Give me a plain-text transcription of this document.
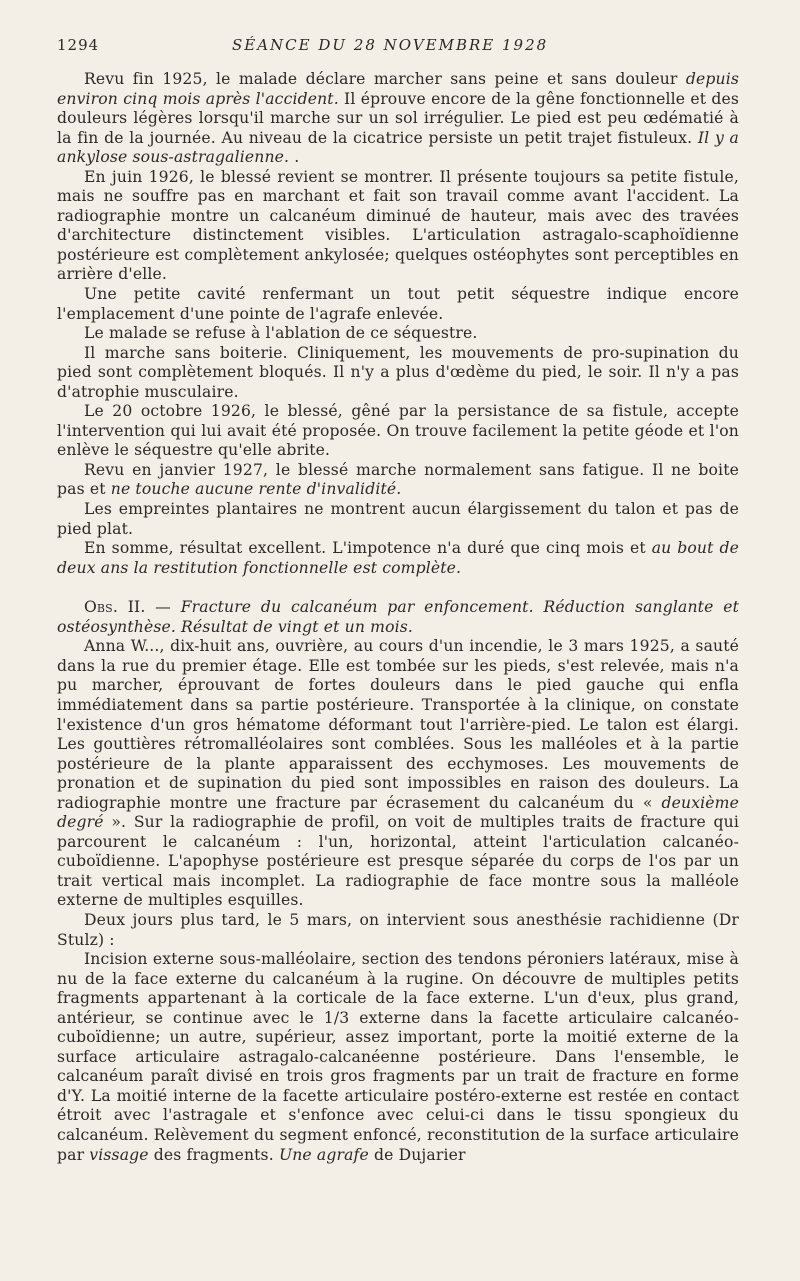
1294	SÉANCE DU 28 NOVEMBRE 1928

Revu fin 1925, le malade déclare marcher sans peine et sans douleur depuis environ cinq mois après l'accident. Il éprouve encore de la gêne fonctionnelle et des douleurs légères lorsqu'il marche sur un sol irrégulier. Le pied est peu œdématié à la fin de la journée. Au niveau de la cicatrice persiste un petit trajet fistuleux. Il y a ankylose sous-astragalienne. .

En juin 1926, le blessé revient se montrer. Il présente toujours sa petite fistule, mais ne souffre pas en marchant et fait son travail comme avant l'accident. La radiographie montre un calcanéum diminué de hauteur, mais avec des travées d'architecture distinctement visibles. L'articulation astragalo-scaphoïdienne postérieure est complètement ankylosée; quelques ostéophytes sont perceptibles en arrière d'elle.

Une petite cavité renfermant un tout petit séquestre indique encore l'emplacement d'une pointe de l'agrafe enlevée.

Le malade se refuse à l'ablation de ce séquestre.

Il marche sans boiterie. Cliniquement, les mouvements de pro-supination du pied sont complètement bloqués. Il n'y a plus d'œdème du pied, le soir. Il n'y a pas d'atrophie musculaire.

Le 20 octobre 1926, le blessé, gêné par la persistance de sa fistule, accepte l'intervention qui lui avait été proposée. On trouve facilement la petite géode et l'on enlève le séquestre qu'elle abrite.

Revu en janvier 1927, le blessé marche normalement sans fatigue. Il ne boite pas et ne touche aucune rente d'invalidité.

Les empreintes plantaires ne montrent aucun élargissement du talon et pas de pied plat.

En somme, résultat excellent. L'impotence n'a duré que cinq mois et au bout de deux ans la restitution fonctionnelle est complète.

Obs. II. — Fracture du calcanéum par enfoncement. Réduction sanglante et ostéosynthèse. Résultat de vingt et un mois.

Anna W..., dix-huit ans, ouvrière, au cours d'un incendie, le 3 mars 1925, a sauté dans la rue du premier étage. Elle est tombée sur les pieds, s'est relevée, mais n'a pu marcher, éprouvant de fortes douleurs dans le pied gauche qui enfla immédiatement dans sa partie postérieure. Transportée à la clinique, on constate l'existence d'un gros hématome déformant tout l'arrière-pied. Le talon est élargi. Les gouttières rétromalléolaires sont comblées. Sous les malléoles et à la partie postérieure de la plante apparaissent des ecchymoses. Les mouvements de pronation et de supination du pied sont impossibles en raison des douleurs. La radiographie montre une fracture par écrasement du calcanéum du « deuxième degré ». Sur la radiographie de profil, on voit de multiples traits de fracture qui parcourent le calcanéum : l'un, horizontal, atteint l'articulation calcanéo-cuboïdienne. L'apophyse postérieure est presque séparée du corps de l'os par un trait vertical mais incomplet. La radiographie de face montre sous la malléole externe de multiples esquilles.

Deux jours plus tard, le 5 mars, on intervient sous anesthésie rachidienne (Dr Stulz) :

Incision externe sous-malléolaire, section des tendons péroniers latéraux, mise à nu de la face externe du calcanéum à la rugine. On découvre de multiples petits fragments appartenant à la corticale de la face externe. L'un d'eux, plus grand, antérieur, se continue avec le 1/3 externe dans la facette articulaire calcanéo-cuboïdienne; un autre, supérieur, assez important, porte la moitié externe de la surface articulaire astragalo-calcanéenne postérieure. Dans l'ensemble, le calcanéum paraît divisé en trois gros fragments par un trait de fracture en forme d'Y. La moitié interne de la facette articulaire postéro-externe est restée en contact étroit avec l'astragale et s'enfonce avec celui-ci dans le tissu spongieux du calcanéum. Relèvement du segment enfoncé, reconstitution de la surface articulaire par vissage des fragments. Une agrafe de Dujarier
